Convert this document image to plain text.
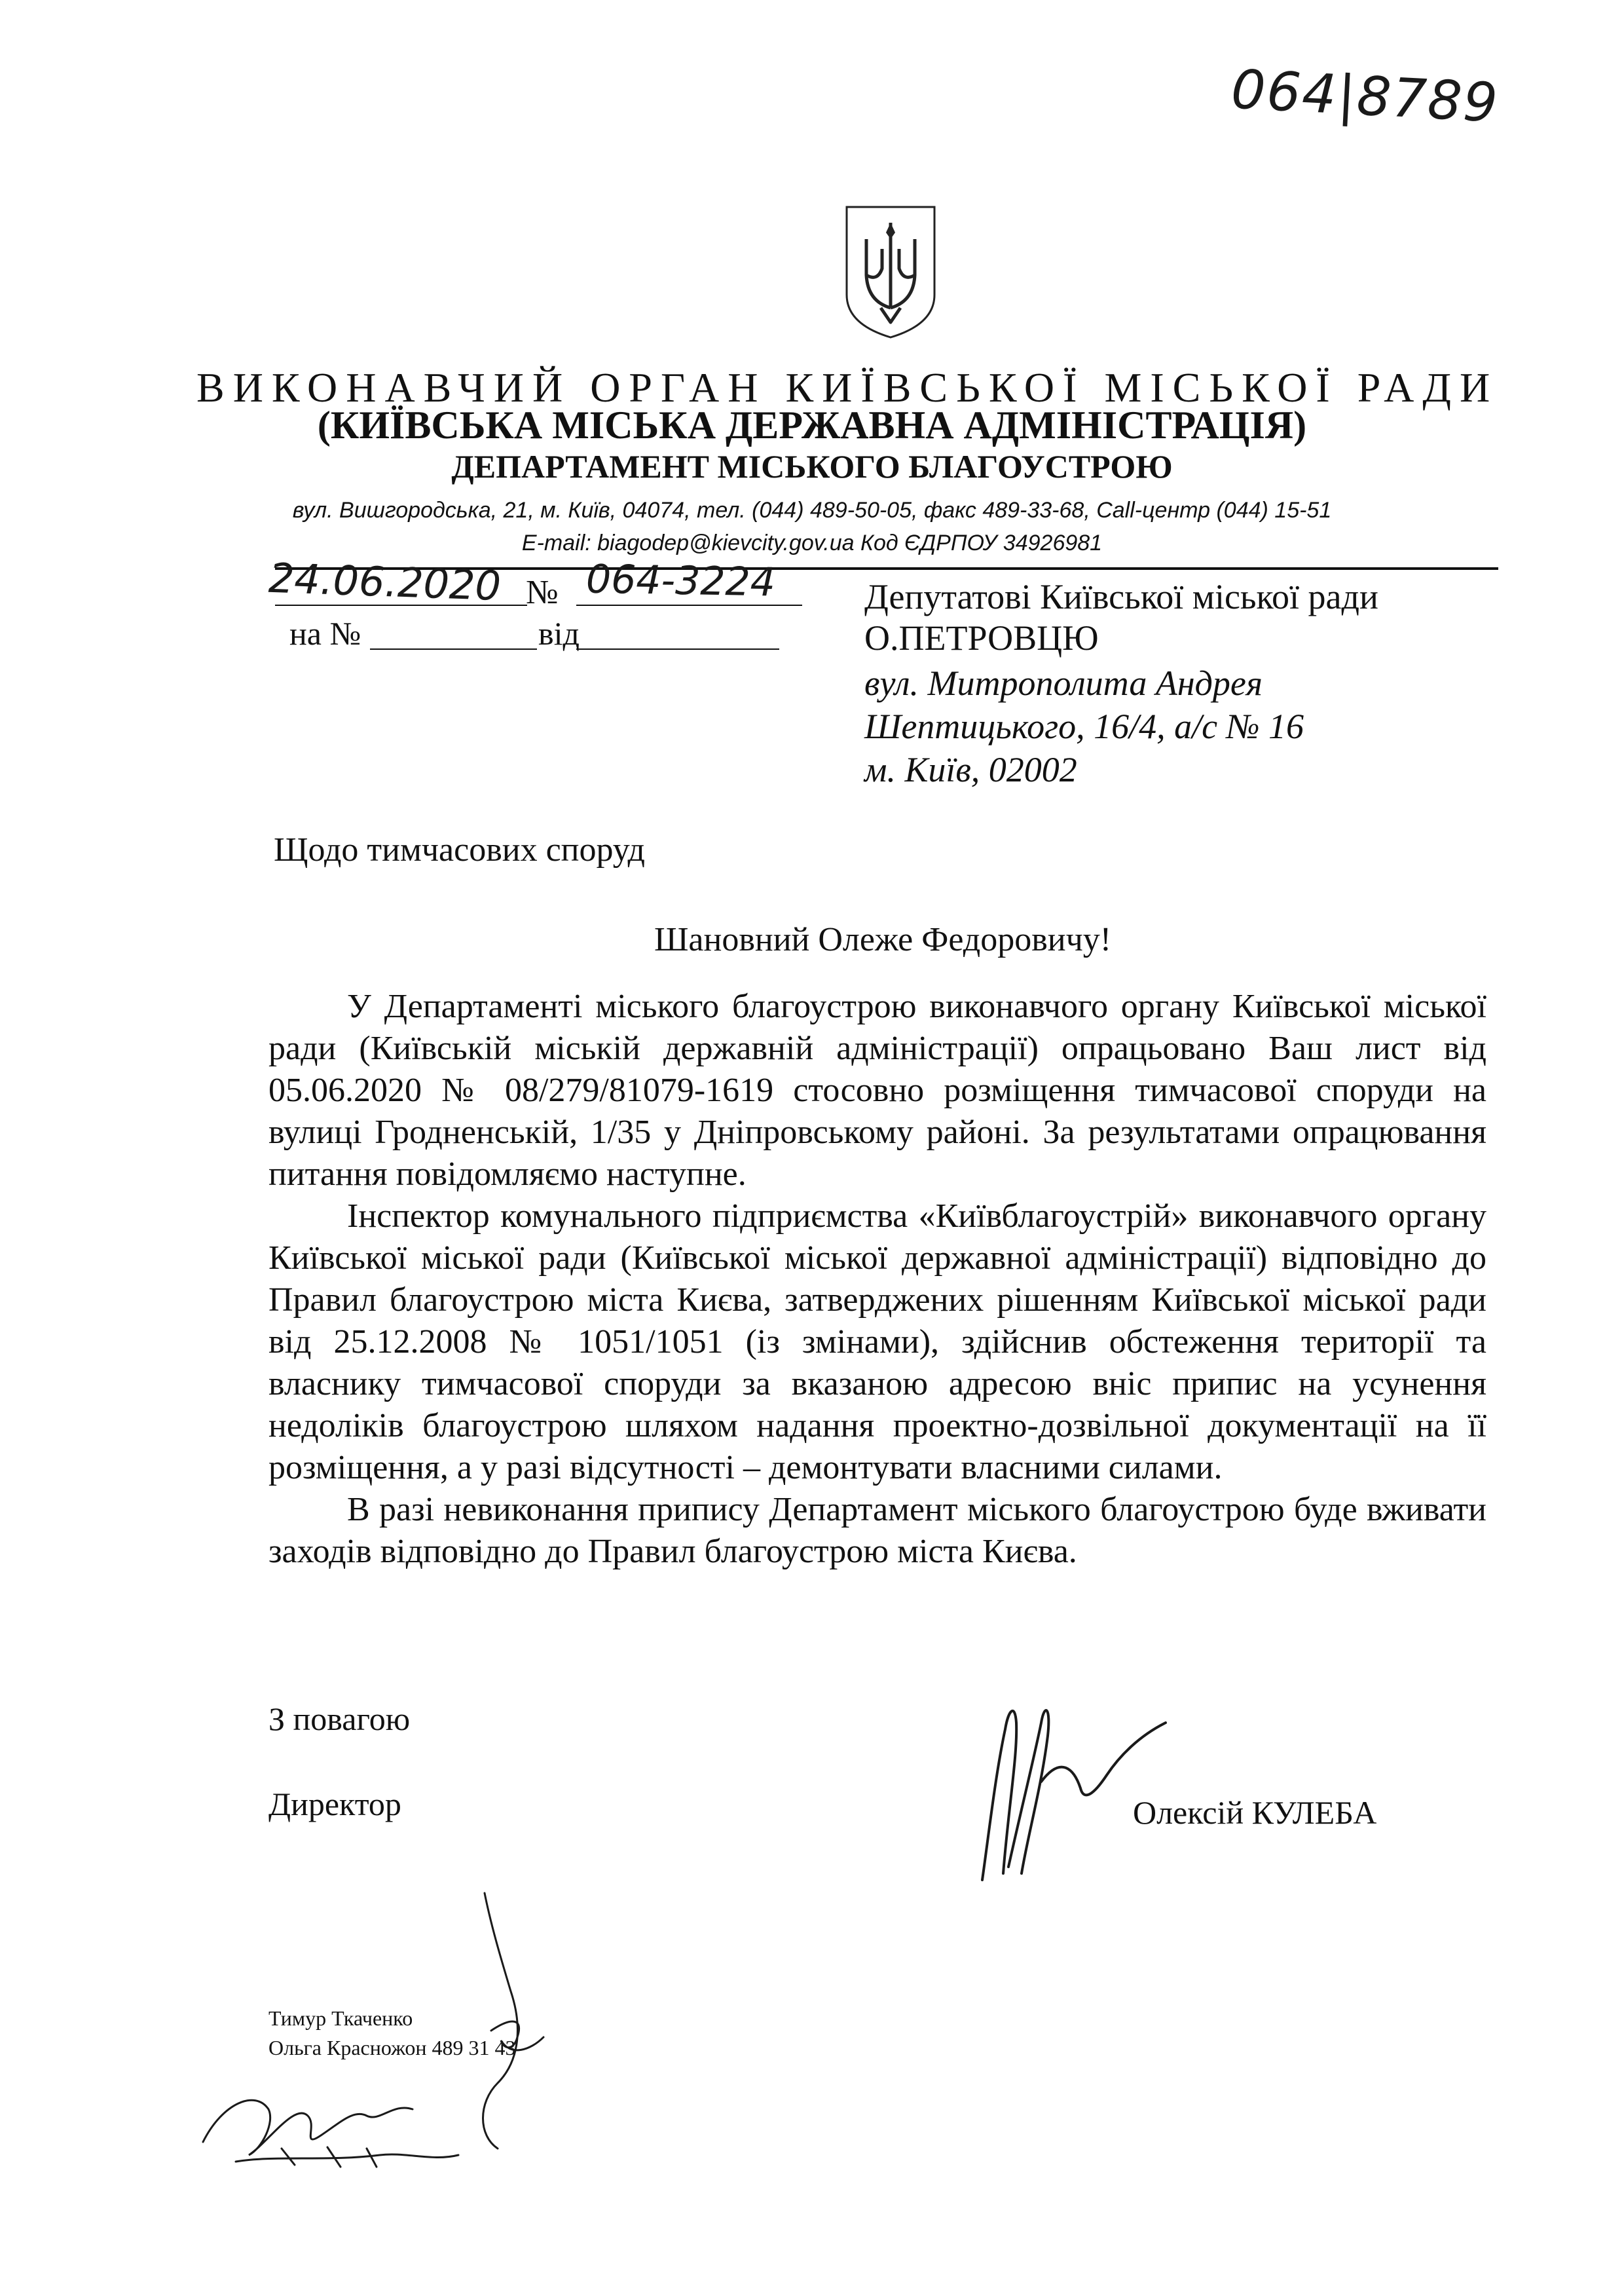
064|8789
ВИКОНАВЧИЙ ОРГАН КИЇВСЬКОЇ МІСЬКОЇ РАДИ
(КИЇВСЬКА МІСЬКА ДЕРЖАВНА АДМІНІСТРАЦІЯ)
ДЕПАРТАМЕНТ МІСЬКОГО БЛАГОУСТРОЮ
вул. Вишгородська, 21, м. Київ, 04074, тел. (044) 489-50-05, факс 489-33-68, Call-центр (044) 15-51
E-mail: biagodep@kievcity.gov.ua Код ЄДРПОУ 34926981
24.06.2020 № 064-3224
на №	від
Депутатові Київської міської ради
О.ПЕТРОВЦЮ
вул. Митрополита Андрея
Шептицького, 16/4, а/с № 16
м. Київ, 02002
Щодо тимчасових споруд
Шановний Олеже Федоровичу!

У Департаменті міського благоустрою виконавчого органу Київської міської ради (Київській міській державній адміністрації) опрацьовано Ваш лист від 05.06.2020 № 08/279/81079-1619 стосовно розміщення тимчасової споруди на вулиці Гродненській, 1/35 у Дніпровському районі. За результатами опрацювання питання повідомляємо наступне.

Інспектор комунального підприємства «Київблагоустрій» виконавчого органу Київської міської ради (Київської міської державної адміністрації) відповідно до Правил благоустрою міста Києва, затверджених рішенням Київської міської ради від 25.12.2008 № 1051/1051 (із змінами), здійснив обстеження території та власнику тимчасової споруди за вказаною адресою вніс припис на усунення недоліків благоустрою шляхом надання проектно-дозвільної документації на її розміщення, а у разі відсутності – демонтувати власними силами.

В разі невиконання припису Департамент міського благоустрою буде вживати заходів відповідно до Правил благоустрою міста Києва.

З повагою
Директор	Олексій КУЛЕБА
Тимур Ткаченко
Ольга Красножон 489 31 43
